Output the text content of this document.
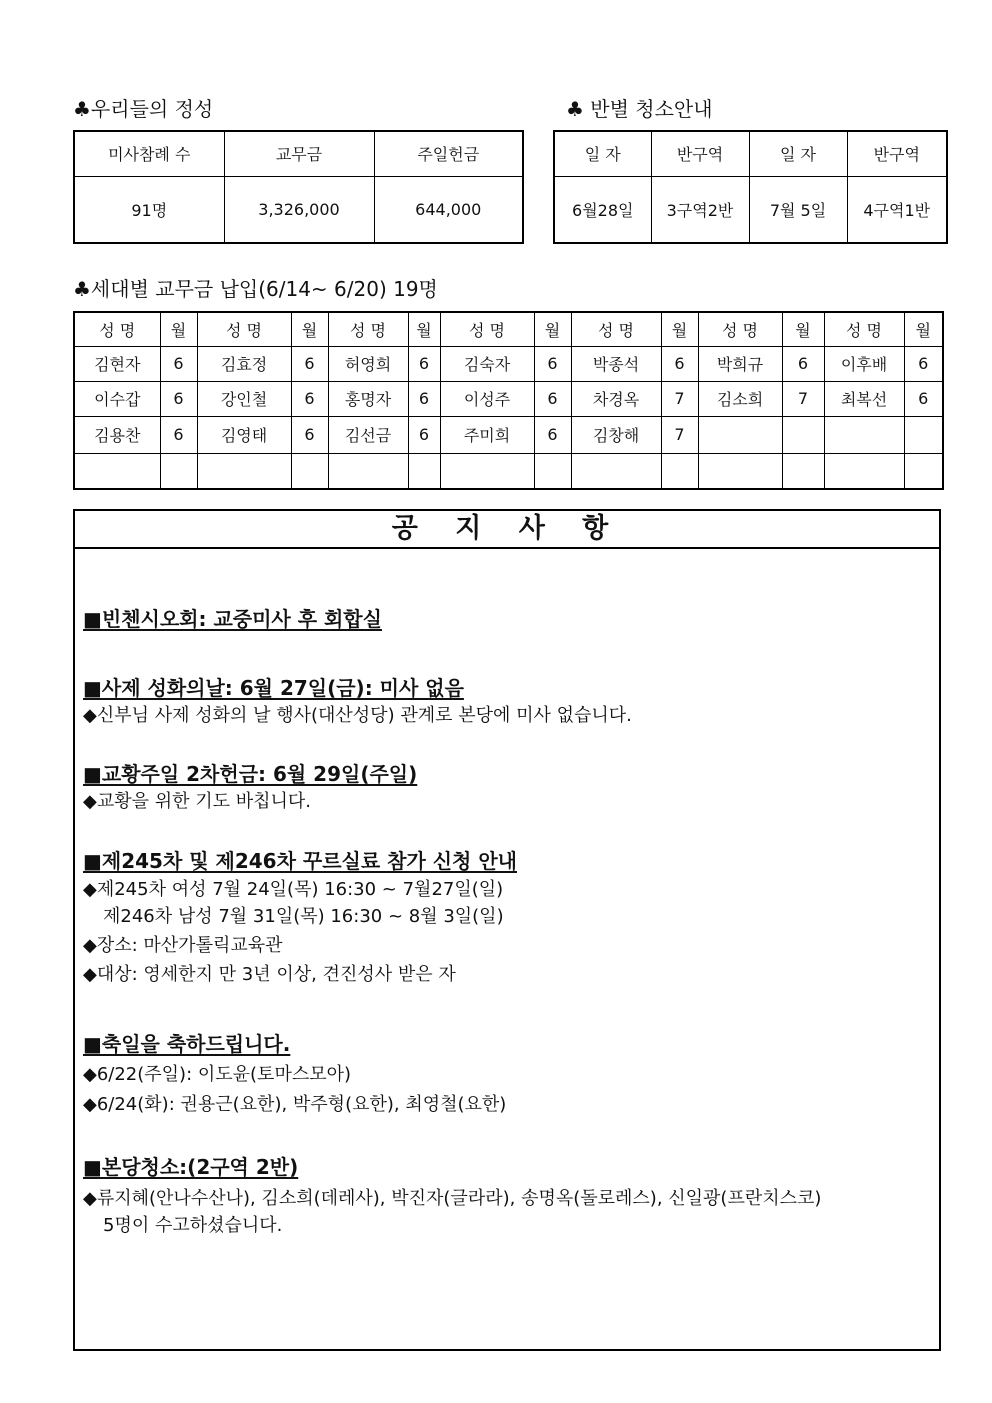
♣우리들의 정성
미사참례 수	교무금	주일헌금
91명	3,326,000	644,000
♣ 반별 청소안내
일 자	반구역	일 자	반구역
6월28일	3구역2반	7월 5일	4구역1반
♣세대별 교무금 납입(6/14~ 6/20) 19명
성 명	월	성 명	월	성 명	월	성 명	월	성 명	월	성 명	월	성 명	월
김현자	6	김효정	6	허영희	6	김숙자	6	박종석	6	박희규	6	이후배	6
이수갑	6	강인철	6	홍명자	6	이성주	6	차경옥	7	김소희	7	최복선	6
김용찬	6	김영태	6	김선금	6	주미희	6	김창해	7				

공 지 사 항
■빈첸시오회: 교중미사 후 회합실
■사제 성화의날: 6월 27일(금): 미사 없음
◆신부님 사제 성화의 날 행사(대산성당) 관계로 본당에 미사 없습니다.
■교황주일 2차헌금: 6월 29일(주일)
◆교황을 위한 기도 바칩니다.
■제245차 및 제246차 꾸르실료 참가 신청 안내
◆제245차 여성 7월 24일(목) 16:30 ~ 7월27일(일)
제246차 남성 7월 31일(목) 16:30 ~ 8월 3일(일)
◆장소: 마산가톨릭교육관
◆대상: 영세한지 만 3년 이상, 견진성사 받은 자
■축일을 축하드립니다.
◆6/22(주일): 이도윤(토마스모아)
◆6/24(화): 권용근(요한), 박주형(요한), 최영철(요한)
■본당청소:(2구역 2반)
◆류지혜(안나수산나), 김소희(데레사), 박진자(글라라), 송명옥(돌로레스), 신일광(프란치스코)
5명이 수고하셨습니다.
